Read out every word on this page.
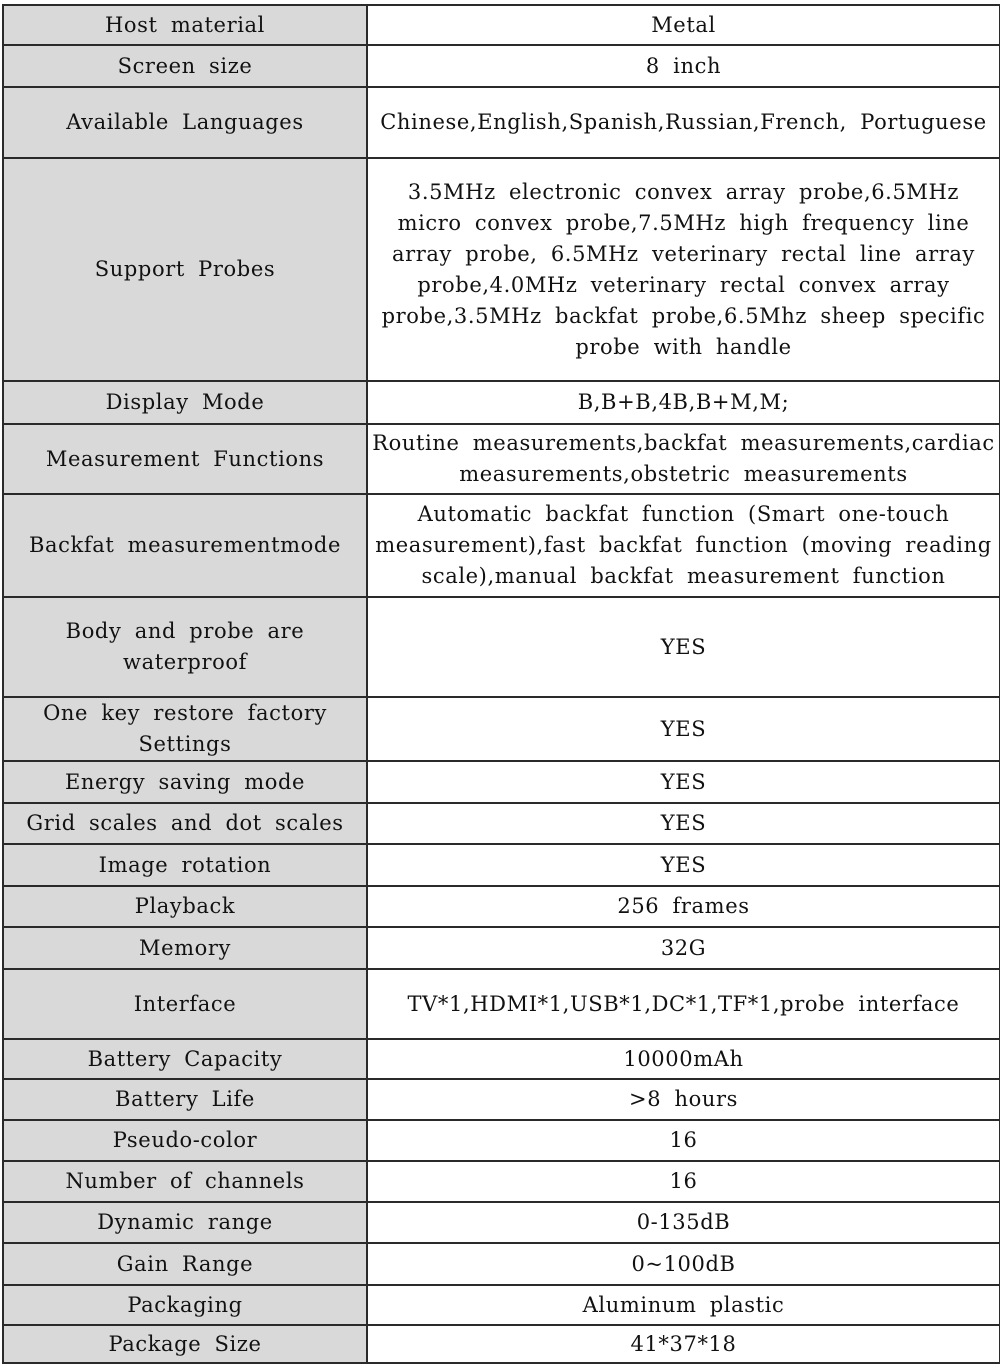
Host material	Metal
Screen size	8 inch
Available Languages	Chinese,English,Spanish,Russian,French, Portuguese
Support Probes	3.5MHz electronic convex array probe,6.5MHz micro convex probe,7.5MHz high frequency line array probe, 6.5MHz veterinary rectal line array probe,4.0MHz veterinary rectal convex array probe,3.5MHz backfat probe,6.5Mhz sheep specific probe with handle
Display Mode	B,B+B,4B,B+M,M;
Measurement Functions	Routine measurements,backfat measurements,cardiac measurements,obstetric measurements
Backfat measurementmode	Automatic backfat function (Smart one-touch measurement),fast backfat function (moving reading scale),manual backfat measurement function
Body and probe are waterproof	YES
One key restore factory Settings	YES
Energy saving mode	YES
Grid scales and dot scales	YES
Image rotation	YES
Playback	256 frames
Memory	32G
Interface	TV*1,HDMI*1,USB*1,DC*1,TF*1,probe interface
Battery Capacity	10000mAh
Battery Life	>8 hours
Pseudo-color	16
Number of channels	16
Dynamic range	0-135dB
Gain Range	0~100dB
Packaging	Aluminum plastic
Package Size	41*37*18
